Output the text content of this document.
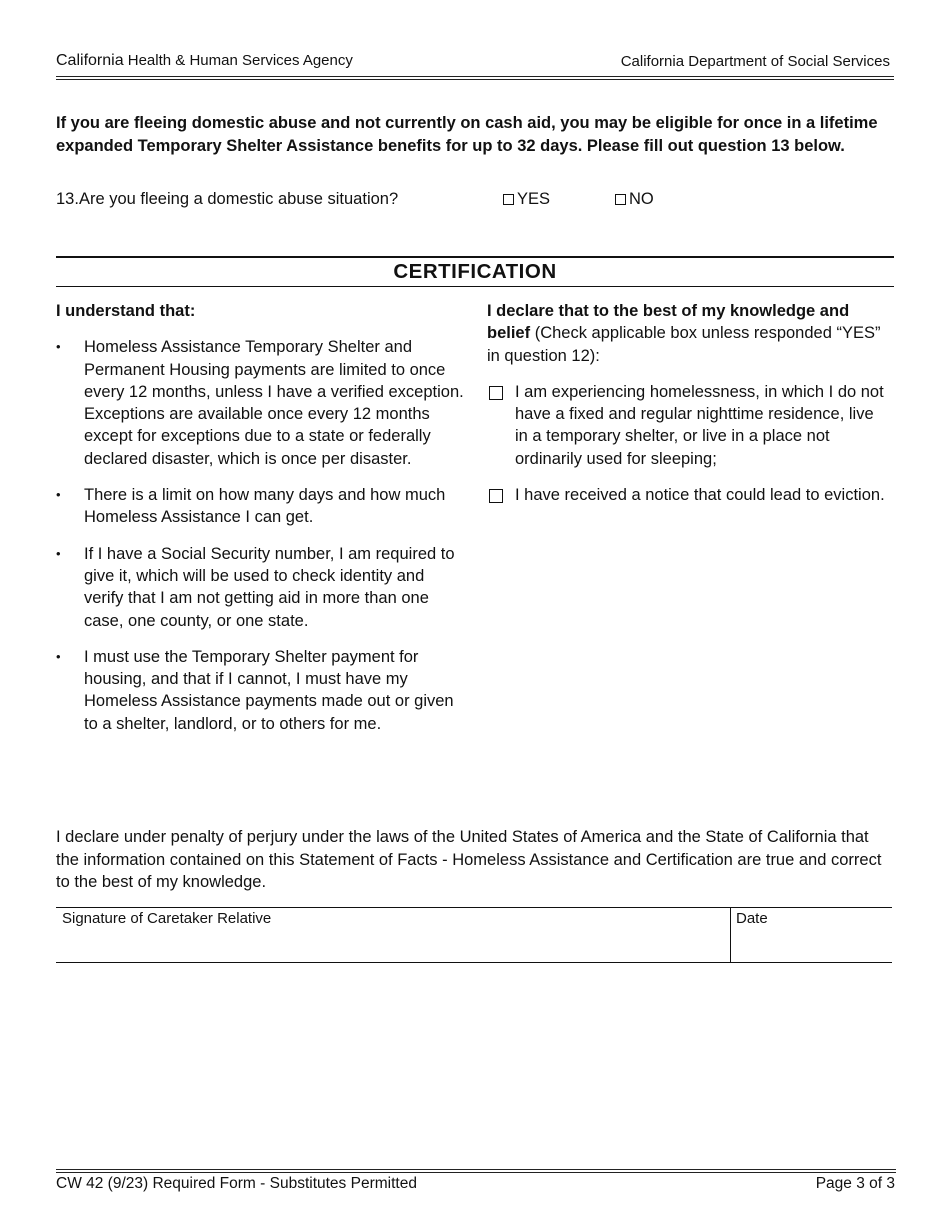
California Health & Human Services Agency	California Department of Social Services
If you are fleeing domestic abuse and not currently on cash aid, you may be eligible for once in a lifetime expanded Temporary Shelter Assistance benefits for up to 32 days. Please fill out question 13 below.
13.Are you fleeing a domestic abuse situation?	YES	NO
CERTIFICATION
I understand that:
• Homeless Assistance Temporary Shelter and Permanent Housing payments are limited to once every 12 months, unless I have a verified exception. Exceptions are available once every 12 months except for exceptions due to a state or federally declared disaster, which is once per disaster.
• There is a limit on how many days and how much Homeless Assistance I can get.
• If I have a Social Security number, I am required to give it, which will be used to check identity and verify that I am not getting aid in more than one case, one county, or one state.
• I must use the Temporary Shelter payment for housing, and that if I cannot, I must have my Homeless Assistance payments made out or given to a shelter, landlord, or to others for me.
I declare that to the best of my knowledge and belief (Check applicable box unless responded “YES” in question 12):
I am experiencing homelessness, in which I do not have a fixed and regular nighttime residence, live in a temporary shelter, or live in a place not ordinarily used for sleeping;
I have received a notice that could lead to eviction.
I declare under penalty of perjury under the laws of the United States of America and the State of California that the information contained on this Statement of Facts - Homeless Assistance and Certification are true and correct to the best of my knowledge.
Signature of Caretaker Relative	Date
CW 42 (9/23) Required Form - Substitutes Permitted	Page 3 of 3
